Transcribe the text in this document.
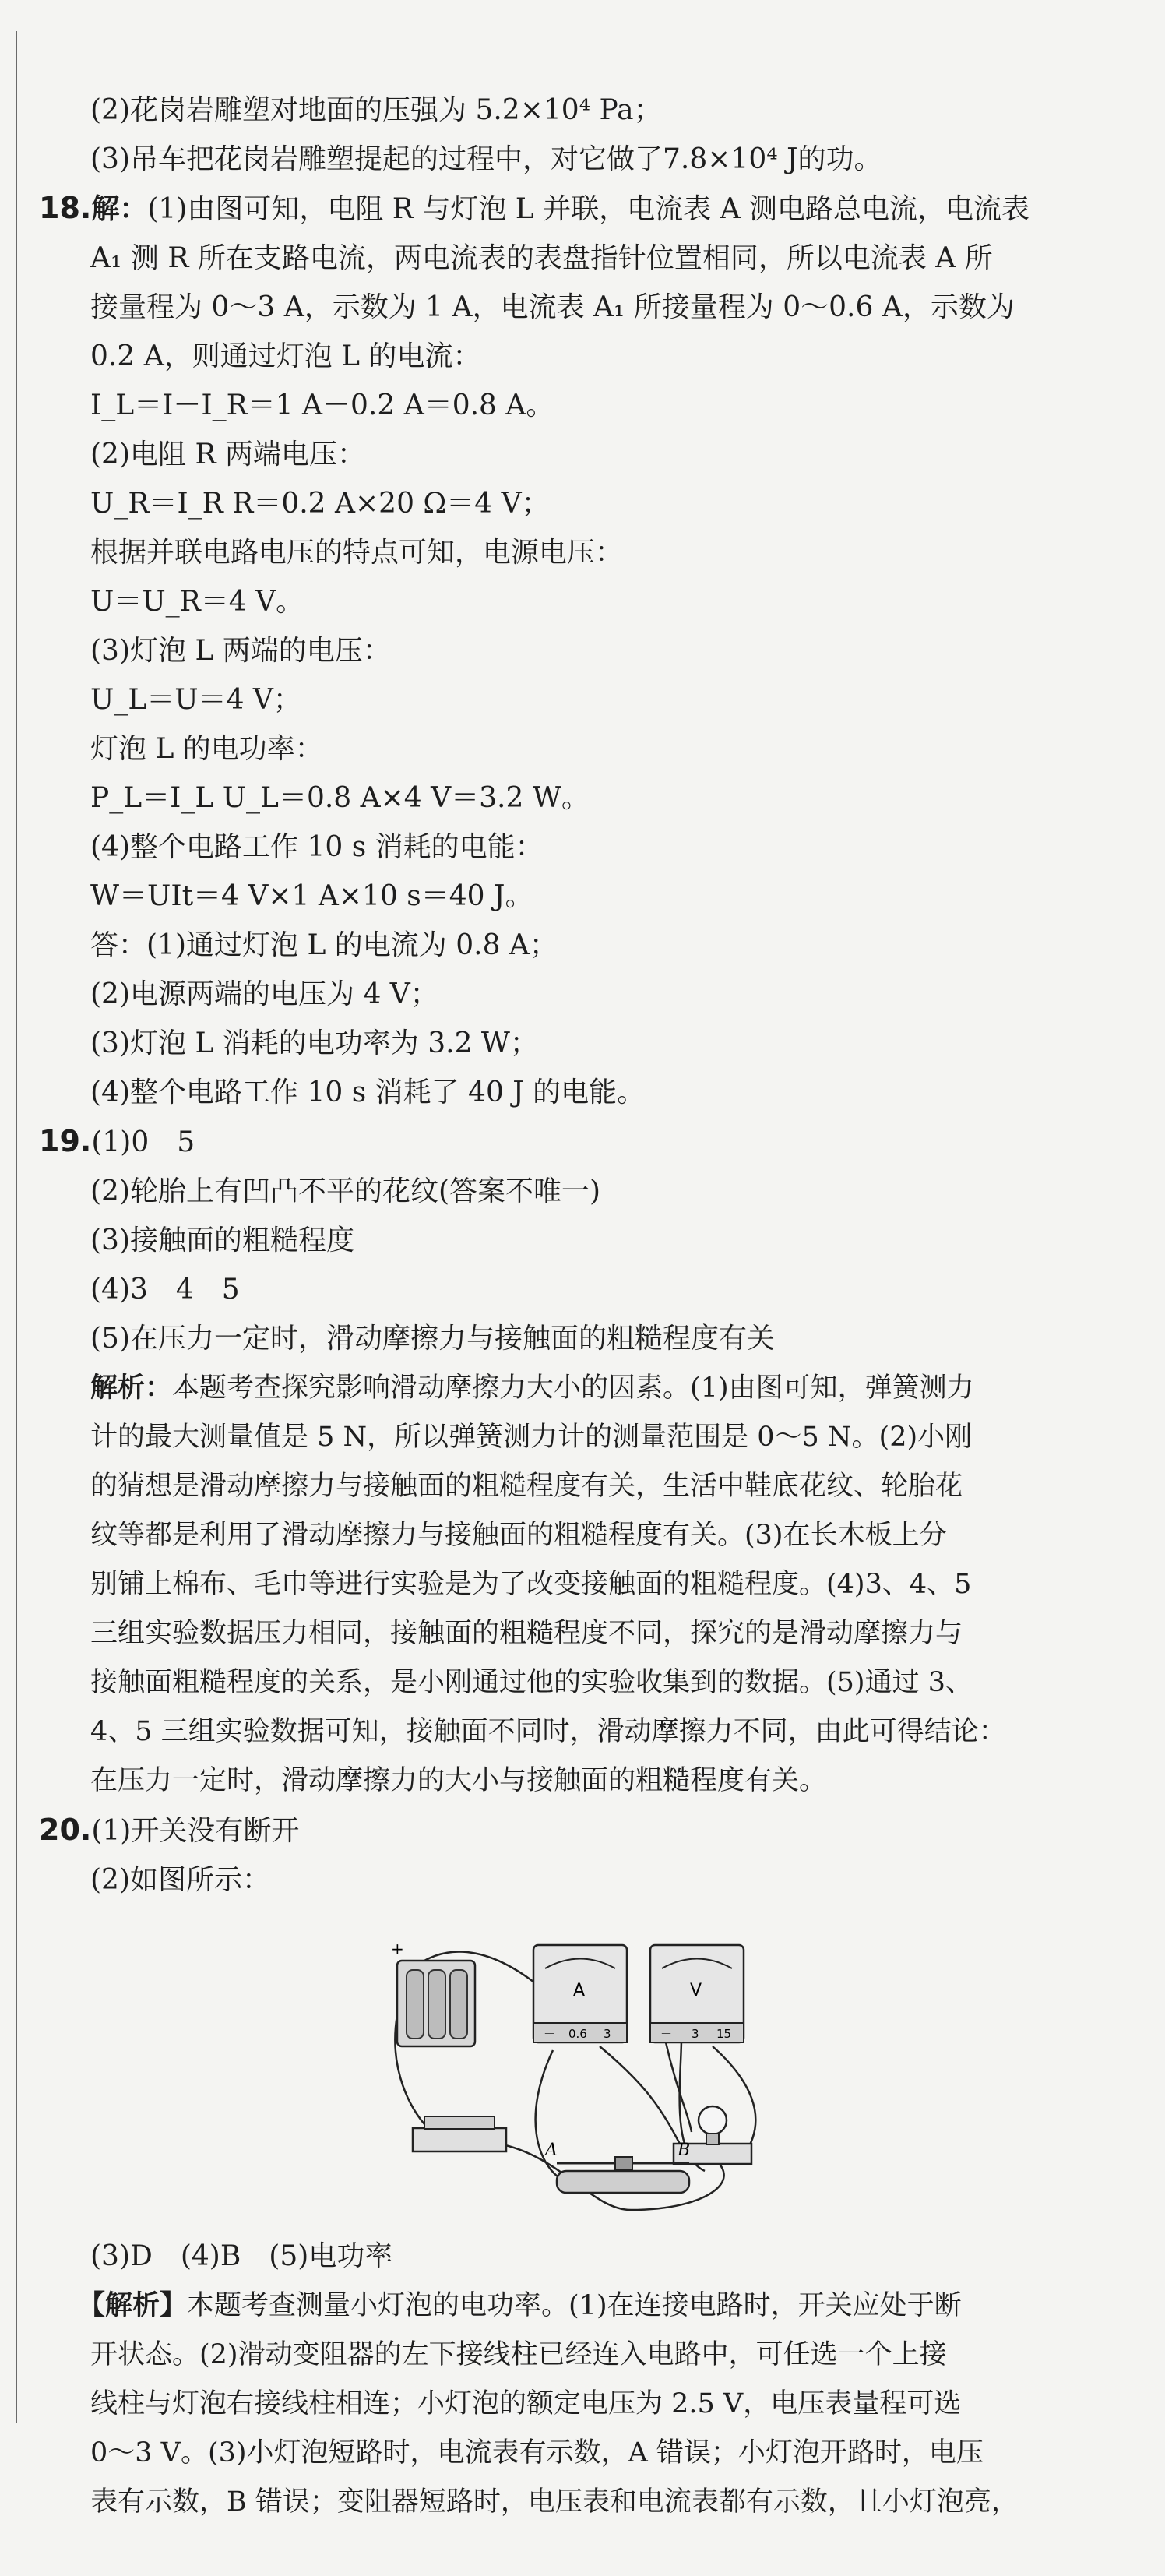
(2)花岗岩雕塑对地面的压强为 5.2×10⁴ Pa；
(3)吊车把花岗岩雕塑提起的过程中，对它做了7.8×10⁴ J的功。
18.解：(1)由图可知，电阻 R 与灯泡 L 并联，电流表 A 测电路总电流，电流表
A₁ 测 R 所在支路电流，两电流表的表盘指针位置相同，所以电流表 A 所
接量程为 0～3 A，示数为 1 A，电流表 A₁ 所接量程为 0～0.6 A，示数为
0.2 A，则通过灯泡 L 的电流：
I_L＝I－I_R＝1 A－0.2 A＝0.8 A。
(2)电阻 R 两端电压：
U_R＝I_R R＝0.2 A×20 Ω＝4 V；
根据并联电路电压的特点可知，电源电压：
U＝U_R＝4 V。
(3)灯泡 L 两端的电压：
U_L＝U＝4 V；
灯泡 L 的电功率：
P_L＝I_L U_L＝0.8 A×4 V＝3.2 W。
(4)整个电路工作 10 s 消耗的电能：
W＝UIt＝4 V×1 A×10 s＝40 J。
答：(1)通过灯泡 L 的电流为 0.8 A；
(2)电源两端的电压为 4 V；
(3)灯泡 L 消耗的电功率为 3.2 W；
(4)整个电路工作 10 s 消耗了 40 J 的电能。
19.(1)0　5
(2)轮胎上有凹凸不平的花纹(答案不唯一)
(3)接触面的粗糙程度
(4)3　4　5
(5)在压力一定时，滑动摩擦力与接触面的粗糙程度有关
解析：本题考查探究影响滑动摩擦力大小的因素。(1)由图可知，弹簧测力
计的最大测量值是 5 N，所以弹簧测力计的测量范围是 0～5 N。(2)小刚
的猜想是滑动摩擦力与接触面的粗糙程度有关，生活中鞋底花纹、轮胎花
纹等都是利用了滑动摩擦力与接触面的粗糙程度有关。(3)在长木板上分
别铺上棉布、毛巾等进行实验是为了改变接触面的粗糙程度。(4)3、4、5
三组实验数据压力相同，接触面的粗糙程度不同，探究的是滑动摩擦力与
接触面粗糙程度的关系，是小刚通过他的实验收集到的数据。(5)通过 3、
4、5 三组实验数据可知，接触面不同时，滑动摩擦力不同，由此可得结论：
在压力一定时，滑动摩擦力的大小与接触面的粗糙程度有关。
20.(1)开关没有断开
(2)如图所示：
+
A
－ 0.6 3
V
－ 3 15
A	B
(3)D　(4)B　(5)电功率
【解析】本题考查测量小灯泡的电功率。(1)在连接电路时，开关应处于断
开状态。(2)滑动变阻器的左下接线柱已经连入电路中，可任选一个上接
线柱与灯泡右接线柱相连；小灯泡的额定电压为 2.5 V，电压表量程可选
0～3 V。(3)小灯泡短路时，电流表有示数，A 错误；小灯泡开路时，电压
表有示数，B 错误；变阻器短路时，电压表和电流表都有示数，且小灯泡亮，
